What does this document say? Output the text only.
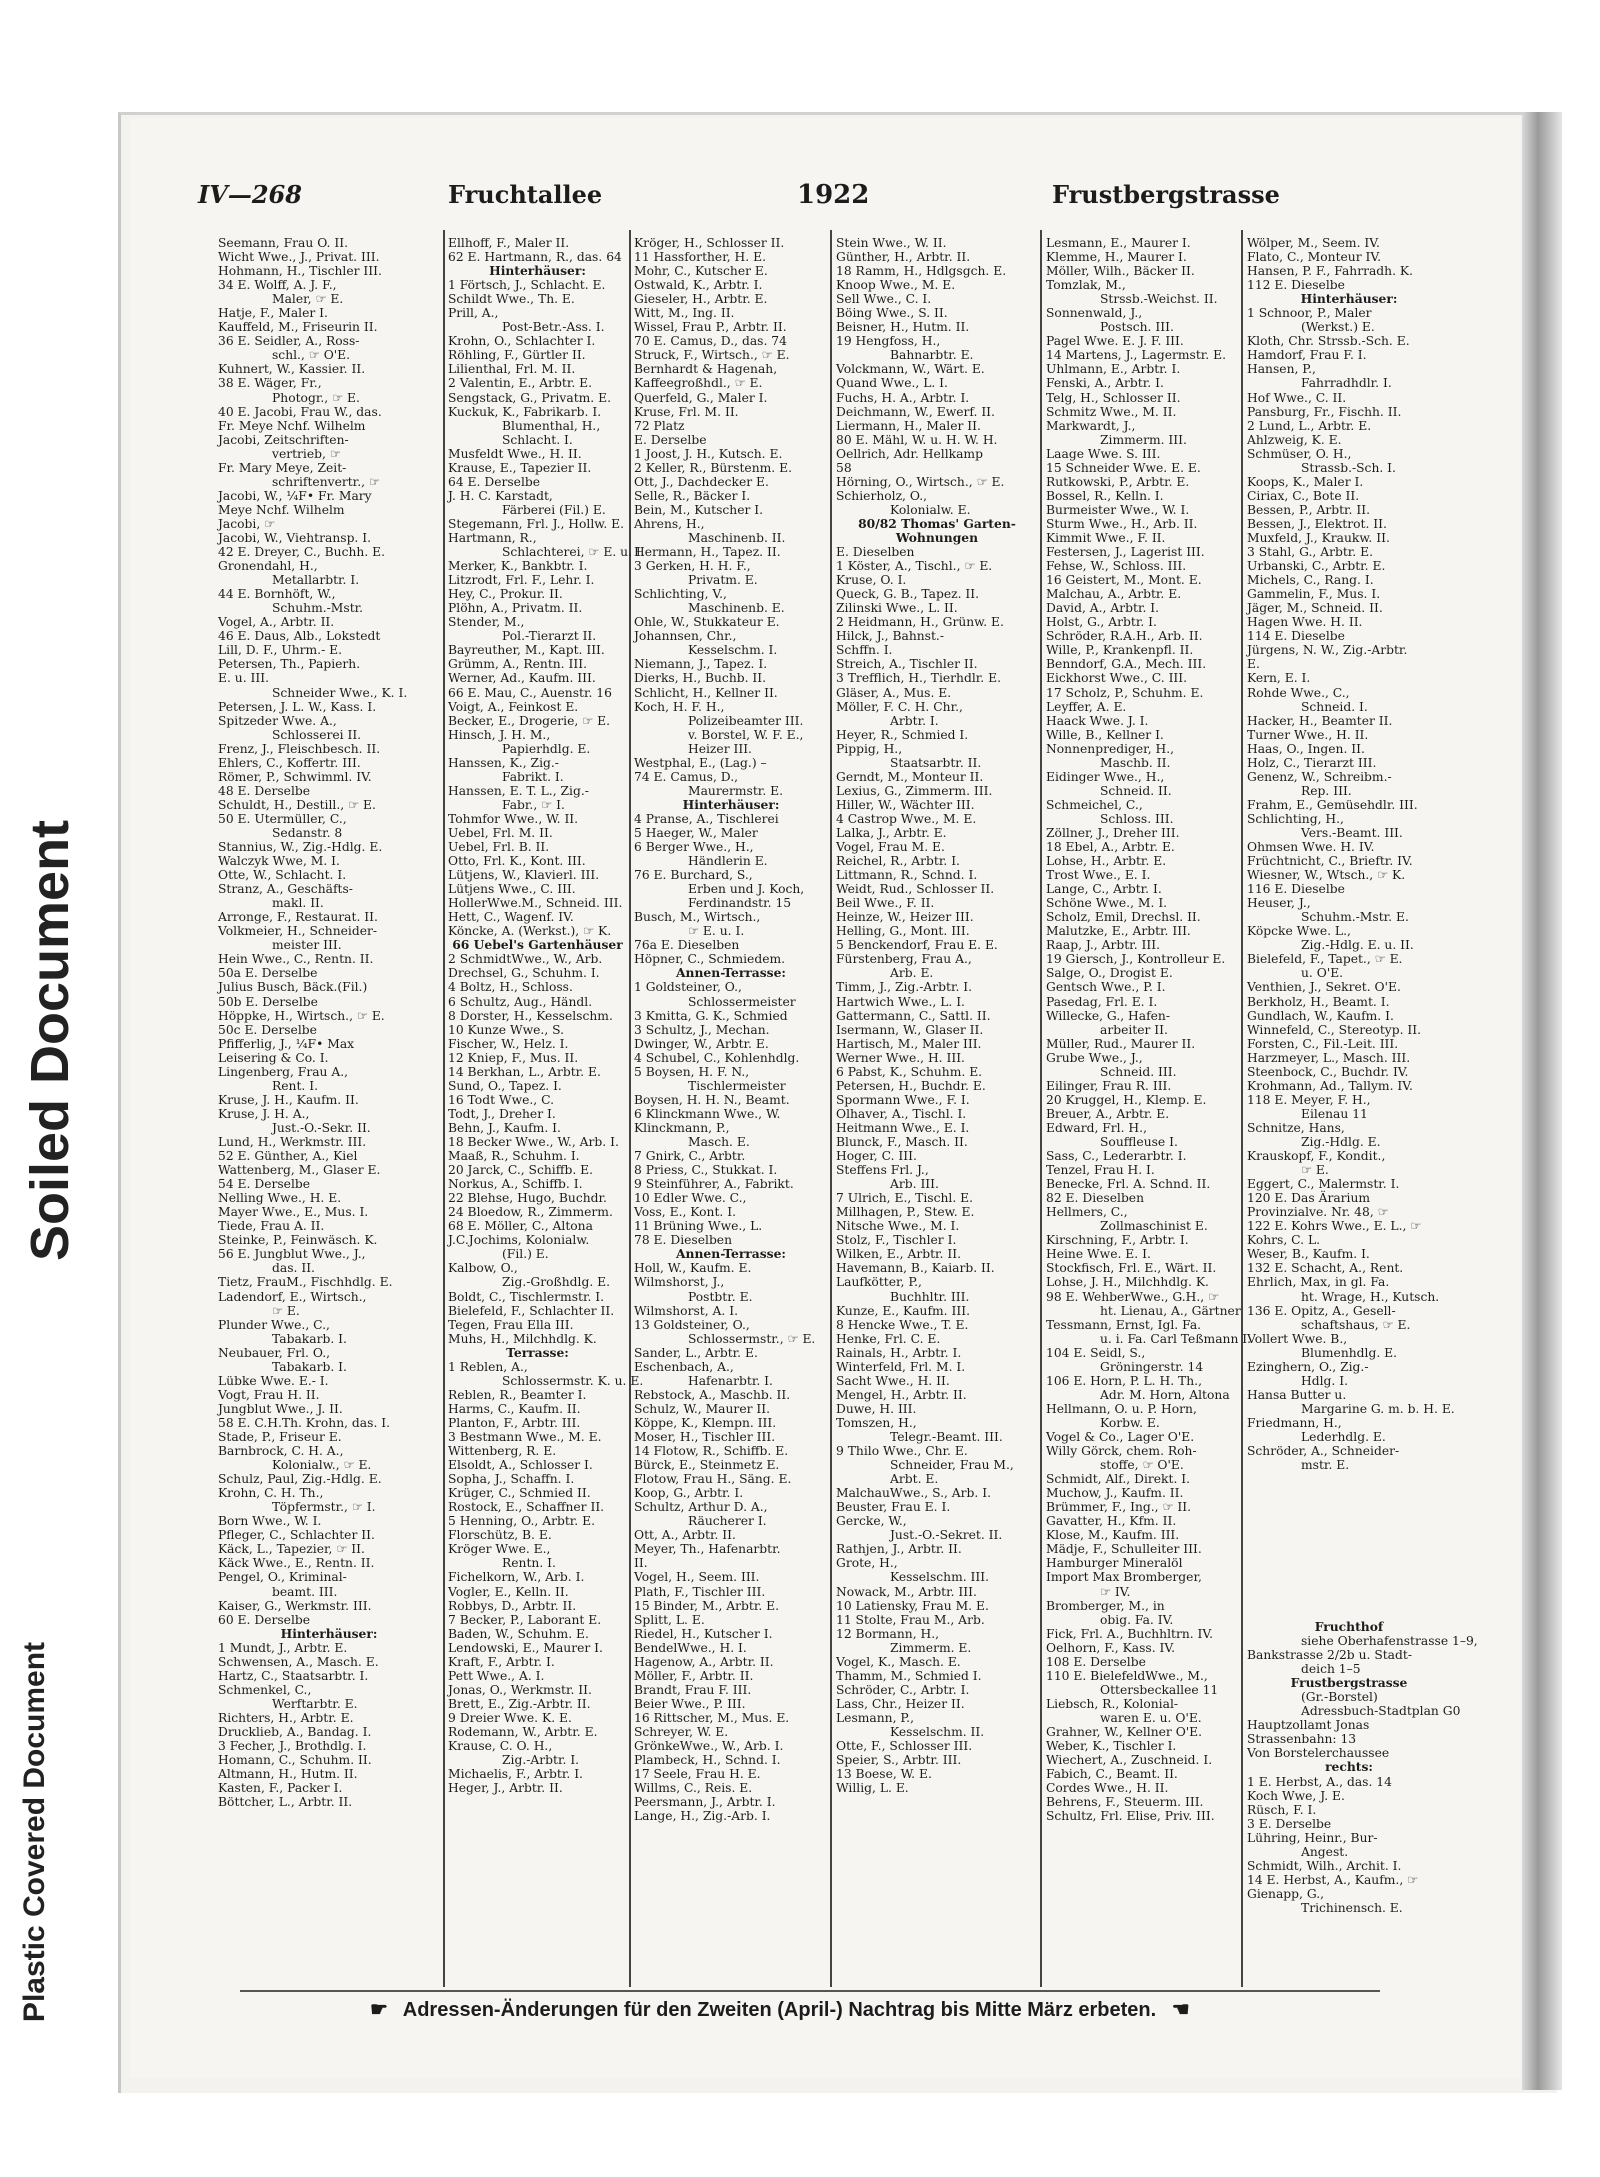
Soiled Document
Plastic Covered Document
IV—268	Fruchtallee	1922	Frustbergstrasse
Seemann, Frau O. II.
Wicht Wwe., J., Privat. III.
Hohmann, H., Tischler III.
34 E. Wolff, A. J. F.,
Maler, ☞ E.
Hatje, F., Maler I.
Kauffeld, M., Friseurin II.
36 E. Seidler, A., Ross-
schl., ☞ O'E.
Kuhnert, W., Kassier. II.
38 E. Wäger, Fr.,
Photogr., ☞ E.
40 E. Jacobi, Frau W., das.
Fr. Meye Nchf. Wilhelm
Jacobi, Zeitschriften-
vertrieb, ☞
Fr. Mary Meye, Zeit-
schriftenvertr., ☞
Jacobi, W., ¼F• Fr. Mary
Meye Nchf. Wilhelm
Jacobi, ☞
Jacobi, W., Viehtransp. I.
42 E. Dreyer, C., Buchh. E.
Gronendahl, H.,
Metallarbtr. I.
44 E. Bornhöft, W.,
Schuhm.-Mstr.
Vogel, A., Arbtr. II.
46 E. Daus, Alb., Lokstedt
Lill, D. F., Uhrm.- E.
Petersen, Th., Papierh.
E. u. III.
Schneider Wwe., K. I.
Petersen, J. L. W., Kass. I.
Spitzeder Wwe. A.,
Schlosserei II.
Frenz, J., Fleischbesch. II.
Ehlers, C., Koffertr. III.
Römer, P., Schwimml. IV.
48 E. Derselbe
Schuldt, H., Destill., ☞ E.
50 E. Utermüller, C.,
Sedanstr. 8
Stannius, W., Zig.-Hdlg. E.
Walczyk Wwe, M. I.
Otte, W., Schlacht. I.
Stranz, A., Geschäfts-
makl. II.
Arronge, F., Restaurat. II.
Volkmeier, H., Schneider-
meister III.
Hein Wwe., C., Rentn. II.
50a E. Derselbe
Julius Busch, Bäck.(Fil.)
50b E. Derselbe
Höppke, H., Wirtsch., ☞ E.
50c E. Derselbe
Pfifferlig, J., ¼F• Max
Leisering & Co. I.
Lingenberg, Frau A.,
Rent. I.
Kruse, J. H., Kaufm. II.
Kruse, J. H. A.,
Just.-O.-Sekr. II.
Lund, H., Werkmstr. III.
52 E. Günther, A., Kiel
Wattenberg, M., Glaser E.
54 E. Derselbe
Nelling Wwe., H. E.
Mayer Wwe., E., Mus. I.
Tiede, Frau A. II.
Steinke, P., Feinwäsch. K.
56 E. Jungblut Wwe., J.,
das. II.
Tietz, FrauM., Fischhdlg. E.
Ladendorf, E., Wirtsch.,
☞ E.
Plunder Wwe., C.,
Tabakarb. I.
Neubauer, Frl. O.,
Tabakarb. I.
Lübke Wwe. E.- I.
Vogt, Frau H. II.
Jungblut Wwe., J. II.
58 E. C.H.Th. Krohn, das. I.
Stade, P., Friseur E.
Barnbrock, C. H. A.,
Kolonialw., ☞ E.
Schulz, Paul, Zig.-Hdlg. E.
Krohn, C. H. Th.,
Töpfermstr., ☞ I.
Born Wwe., W. I.
Pfleger, C., Schlachter II.
Käck, L., Tapezier, ☞ II.
Käck Wwe., E., Rentn. II.
Pengel, O., Kriminal-
beamt. III.
Kaiser, G., Werkmstr. III.
60 E. Derselbe
Hinterhäuser:
1 Mundt, J., Arbtr. E.
Schwensen, A., Masch. E.
Hartz, C., Staatsarbtr. I.
Schmenkel, C.,
Werftarbtr. E.
Richters, H., Arbtr. E.
Drucklieb, A., Bandag. I.
3 Fecher, J., Brothdlg. I.
Homann, C., Schuhm. II.
Altmann, H., Hutm. II.
Kasten, F., Packer I.
Böttcher, L., Arbtr. II.
Ellhoff, F., Maler II.
62 E. Hartmann, R., das. 64
Hinterhäuser:
1 Förtsch, J., Schlacht. E.
Schildt Wwe., Th. E.
Prill, A.,
Post-Betr.-Ass. I.
Krohn, O., Schlachter I.
Röhling, F., Gürtler II.
Lilienthal, Frl. M. II.
2 Valentin, E., Arbtr. E.
Sengstack, G., Privatm. E.
Kuckuk, K., Fabrikarb. I.
Blumenthal, H.,
Schlacht. I.
Musfeldt Wwe., H. II.
Krause, E., Tapezier II.
64 E. Derselbe
J. H. C. Karstadt,
Färberei (Fil.) E.
Stegemann, Frl. J., Hollw. E.
Hartmann, R.,
Schlachterei, ☞ E. u. I.
Merker, K., Bankbtr. I.
Litzrodt, Frl. F., Lehr. I.
Hey, C., Prokur. II.
Plöhn, A., Privatm. II.
Stender, M.,
Pol.-Tierarzt II.
Bayreuther, M., Kapt. III.
Grümm, A., Rentn. III.
Werner, Ad., Kaufm. III.
66 E. Mau, C., Auenstr. 16
Voigt, A., Feinkost E.
Becker, E., Drogerie, ☞ E.
Hinsch, J. H. M.,
Papierhdlg. E.
Hanssen, K., Zig.-
Fabrikt. I.
Hanssen, E. T. L., Zig.-
Fabr., ☞ I.
Tohmfor Wwe., W. II.
Uebel, Frl. M. II.
Uebel, Frl. B. II.
Otto, Frl. K., Kont. III.
Lütjens, W., Klavierl. III.
Lütjens Wwe., C. III.
HollerWwe.M., Schneid. III.
Hett, C., Wagenf. IV.
Köncke, A. (Werkst.), ☞ K.
66 Uebel's Gartenhäuser
2 SchmidtWwe., W., Arb.
Drechsel, G., Schuhm. I.
4 Boltz, H., Schloss.
6 Schultz, Aug., Händl.
8 Dorster, H., Kesselschm.
10 Kunze Wwe., S.
Fischer, W., Helz. I.
12 Kniep, F., Mus. II.
14 Berkhan, L., Arbtr. E.
Sund, O., Tapez. I.
16 Todt Wwe., C.
Todt, J., Dreher I.
Behn, J., Kaufm. I.
18 Becker Wwe., W., Arb. I.
Maaß, R., Schuhm. I.
20 Jarck, C., Schiffb. E.
Norkus, A., Schiffb. I.
22 Blehse, Hugo, Buchdr.
24 Bloedow, R., Zimmerm.
68 E. Möller, C., Altona
J.C.Jochims, Kolonialw.
(Fil.) E.
Kalbow, O.,
Zig.-Großhdlg. E.
Boldt, C., Tischlermstr. I.
Bielefeld, F., Schlachter II.
Tegen, Frau Ella III.
Muhs, H., Milchhdlg. K.
Terrasse:
1 Reblen, A.,
Schlossermstr. K. u. E.
Reblen, R., Beamter I.
Harms, C., Kaufm. II.
Planton, F., Arbtr. III.
3 Bestmann Wwe., M. E.
Wittenberg, R. E.
Elsoldt, A., Schlosser I.
Sopha, J., Schaffn. I.
Krüger, C., Schmied II.
Rostock, E., Schaffner II.
5 Henning, O., Arbtr. E.
Florschütz, B. E.
Kröger Wwe. E.,
Rentn. I.
Fichelkorn, W., Arb. I.
Vogler, E., Kelln. II.
Robbys, D., Arbtr. II.
7 Becker, P., Laborant E.
Baden, W., Schuhm. E.
Lendowski, E., Maurer I.
Kraft, F., Arbtr. I.
Pett Wwe., A. I.
Jonas, O., Werkmstr. II.
Brett, E., Zig.-Arbtr. II.
9 Dreier Wwe. K. E.
Rodemann, W., Arbtr. E.
Krause, C. O. H.,
Zig.-Arbtr. I.
Michaelis, F., Arbtr. I.
Heger, J., Arbtr. II.
Kröger, H., Schlosser II.
11 Hassforther, H. E.
Mohr, C., Kutscher E.
Ostwald, K., Arbtr. I.
Gieseler, H., Arbtr. E.
Witt, M., Ing. II.
Wissel, Frau P., Arbtr. II.
70 E. Camus, D., das. 74
Struck, F., Wirtsch., ☞ E.
Bernhardt & Hagenah,
Kaffeegroßhdl., ☞ E.
Querfeld, G., Maler I.
Kruse, Frl. M. II.
72 Platz
E. Derselbe
1 Joost, J. H., Kutsch. E.
2 Keller, R., Bürstenm. E.
Ott, J., Dachdecker E.
Selle, R., Bäcker I.
Bein, M., Kutscher I.
Ahrens, H.,
Maschinenb. II.
Hermann, H., Tapez. II.
3 Gerken, H. H. F.,
Privatm. E.
Schlichting, V.,
Maschinenb. E.
Ohle, W., Stukkateur E.
Johannsen, Chr.,
Kesselschm. I.
Niemann, J., Tapez. I.
Dierks, H., Buchb. II.
Schlicht, H., Kellner II.
Koch, H. F. H.,
Polizeibeamter III.
v. Borstel, W. F. E.,
Heizer III.
Westphal, E., (Lag.) –
74 E. Camus, D.,
Maurermstr. E.
Hinterhäuser:
4 Pranse, A., Tischlerei
5 Haeger, W., Maler
6 Berger Wwe., H.,
Händlerin E.
76 E. Burchard, S.,
Erben und J. Koch,
Ferdinandstr. 15
Busch, M., Wirtsch.,
☞ E. u. I.
76a E. Dieselben
Höpner, C., Schmiedem.
Annen-Terrasse:
1 Goldsteiner, O.,
Schlossermeister
3 Kmitta, G. K., Schmied
3 Schultz, J., Mechan.
Dwinger, W., Arbtr. E.
4 Schubel, C., Kohlenhdlg.
5 Boysen, H. F. N.,
Tischlermeister
Boysen, H. H. N., Beamt.
6 Klinckmann Wwe., W.
Klinckmann, P.,
Masch. E.
7 Gnirk, C., Arbtr.
8 Priess, C., Stukkat. I.
9 Steinführer, A., Fabrikt.
10 Edler Wwe. C.,
Voss, E., Kont. I.
11 Brüning Wwe., L.
78 E. Dieselben
Annen-Terrasse:
Holl, W., Kaufm. E.
Wilmshorst, J.,
Postbtr. E.
Wilmshorst, A. I.
13 Goldsteiner, O.,
Schlossermstr., ☞ E.
Sander, L., Arbtr. E.
Eschenbach, A.,
Hafenarbtr. I.
Rebstock, A., Maschb. II.
Schulz, W., Maurer II.
Köppe, K., Klempn. III.
Moser, H., Tischler III.
14 Flotow, R., Schiffb. E.
Bürck, E., Steinmetz E.
Flotow, Frau H., Säng. E.
Koop, G., Arbtr. I.
Schultz, Arthur D. A.,
Räucherer I.
Ott, A., Arbtr. II.
Meyer, Th., Hafenarbtr.
II.
Vogel, H., Seem. III.
Plath, F., Tischler III.
15 Binder, M., Arbtr. E.
Splitt, L. E.
Riedel, H., Kutscher I.
BendelWwe., H. I.
Hagenow, A., Arbtr. II.
Möller, F., Arbtr. II.
Brandt, Frau F. III.
Beier Wwe., P. III.
16 Rittscher, M., Mus. E.
Schreyer, W. E.
GrönkeWwe., W., Arb. I.
Plambeck, H., Schnd. I.
17 Seele, Frau H. E.
Willms, C., Reis. E.
Peersmann, J., Arbtr. I.
Lange, H., Zig.-Arb. I.
Stein Wwe., W. II.
Günther, H., Arbtr. II.
18 Ramm, H., Hdlgsgch. E.
Knoop Wwe., M. E.
Sell Wwe., C. I.
Böing Wwe., S. II.
Beisner, H., Hutm. II.
19 Hengfoss, H.,
Bahnarbtr. E.
Volckmann, W., Wärt. E.
Quand Wwe., L. I.
Fuchs, H. A., Arbtr. I.
Deichmann, W., Ewerf. II.
Liermann, H., Maler II.
80 E. Mähl, W. u. H. W. H.
Oellrich, Adr. Hellkamp
58
Hörning, O., Wirtsch., ☞ E.
Schierholz, O.,
Kolonialw. E.
80/82 Thomas' Garten-
Wohnungen
E. Dieselben
1 Köster, A., Tischl., ☞ E.
Kruse, O. I.
Queck, G. B., Tapez. II.
Zilinski Wwe., L. II.
2 Heidmann, H., Grünw. E.
Hilck, J., Bahnst.-
Schffn. I.
Streich, A., Tischler II.
3 Trefflich, H., Tierhdlr. E.
Gläser, A., Mus. E.
Möller, F. C. H. Chr.,
Arbtr. I.
Heyer, R., Schmied I.
Pippig, H.,
Staatsarbtr. II.
Gerndt, M., Monteur II.
Lexius, G., Zimmerm. III.
Hiller, W., Wächter III.
4 Castrop Wwe., M. E.
Lalka, J., Arbtr. E.
Vogel, Frau M. E.
Reichel, R., Arbtr. I.
Littmann, R., Schnd. I.
Weidt, Rud., Schlosser II.
Beil Wwe., F. II.
Heinze, W., Heizer III.
Helling, G., Mont. III.
5 Benckendorf, Frau E. E.
Fürstenberg, Frau A.,
Arb. E.
Timm, J., Zig.-Arbtr. I.
Hartwich Wwe., L. I.
Gattermann, C., Sattl. II.
Isermann, W., Glaser II.
Hartisch, M., Maler III.
Werner Wwe., H. III.
6 Pabst, K., Schuhm. E.
Petersen, H., Buchdr. E.
Spormann Wwe., F. I.
Olhaver, A., Tischl. I.
Heitmann Wwe., E. I.
Blunck, F., Masch. II.
Hoger, C. III.
Steffens Frl. J.,
Arb. III.
7 Ulrich, E., Tischl. E.
Millhagen, P., Stew. E.
Nitsche Wwe., M. I.
Stolz, F., Tischler I.
Wilken, E., Arbtr. II.
Havemann, B., Kaiarb. II.
Laufkötter, P.,
Buchhltr. III.
Kunze, E., Kaufm. III.
8 Hencke Wwe., T. E.
Henke, Frl. C. E.
Rainals, H., Arbtr. I.
Winterfeld, Frl. M. I.
Sacht Wwe., H. II.
Mengel, H., Arbtr. II.
Duwe, H. III.
Tomszen, H.,
Telegr.-Beamt. III.
9 Thilo Wwe., Chr. E.
Schneider, Frau M.,
Arbt. E.
MalchauWwe., S., Arb. I.
Beuster, Frau E. I.
Gercke, W.,
Just.-O.-Sekret. II.
Rathjen, J., Arbtr. II.
Grote, H.,
Kesselschm. III.
Nowack, M., Arbtr. III.
10 Latiensky, Frau M. E.
11 Stolte, Frau M., Arb.
12 Bormann, H.,
Zimmerm. E.
Vogel, K., Masch. E.
Thamm, M., Schmied I.
Schröder, C., Arbtr. I.
Lass, Chr., Heizer II.
Lesmann, P.,
Kesselschm. II.
Otte, F., Schlosser III.
Speier, S., Arbtr. III.
13 Boese, W. E.
Willig, L. E.
Lesmann, E., Maurer I.
Klemme, H., Maurer I.
Möller, Wilh., Bäcker II.
Tomzlak, M.,
Strssb.-Weichst. II.
Sonnenwald, J.,
Postsch. III.
Pagel Wwe. E. J. F. III.
14 Martens, J., Lagermstr. E.
Uhlmann, E., Arbtr. I.
Fenski, A., Arbtr. I.
Telg, H., Schlosser II.
Schmitz Wwe., M. II.
Markwardt, J.,
Zimmerm. III.
Laage Wwe. S. III.
15 Schneider Wwe. E. E.
Rutkowski, P., Arbtr. E.
Bossel, R., Kelln. I.
Burmeister Wwe., W. I.
Sturm Wwe., H., Arb. II.
Kimmit Wwe., F. II.
Festersen, J., Lagerist III.
Fehse, W., Schloss. III.
16 Geistert, M., Mont. E.
Malchau, A., Arbtr. E.
David, A., Arbtr. I.
Holst, G., Arbtr. I.
Schröder, R.A.H., Arb. II.
Wille, P., Krankenpfl. II.
Benndorf, G.A., Mech. III.
Eickhorst Wwe., C. III.
17 Scholz, P., Schuhm. E.
Leyffer, A. E.
Haack Wwe. J. I.
Wille, B., Kellner I.
Nonnenprediger, H.,
Maschb. II.
Eidinger Wwe., H.,
Schneid. II.
Schmeichel, C.,
Schloss. III.
Zöllner, J., Dreher III.
18 Ebel, A., Arbtr. E.
Lohse, H., Arbtr. E.
Trost Wwe., E. I.
Lange, C., Arbtr. I.
Schöne Wwe., M. I.
Scholz, Emil, Drechsl. II.
Malutzke, E., Arbtr. III.
Raap, J., Arbtr. III.
19 Giersch, J., Kontrolleur E.
Salge, O., Drogist E.
Gentsch Wwe., P. I.
Pasedag, Frl. E. I.
Willecke, G., Hafen-
arbeiter II.
Müller, Rud., Maurer II.
Grube Wwe., J.,
Schneid. III.
Eilinger, Frau R. III.
20 Kruggel, H., Klemp. E.
Breuer, A., Arbtr. E.
Edward, Frl. H.,
Souffleuse I.
Sass, C., Lederarbtr. I.
Tenzel, Frau H. I.
Benecke, Frl. A. Schnd. II.
82 E. Dieselben
Hellmers, C.,
Zollmaschinist E.
Kirschning, F., Arbtr. I.
Heine Wwe. E. I.
Stockfisch, Frl. E., Wärt. II.
Lohse, J. H., Milchhdlg. K.
98 E. WehberWwe., G.H., ☞
ht. Lienau, A., Gärtner
Tessmann, Ernst, Igl. Fa.
u. i. Fa. Carl Teßmann I.
104 E. Seidl, S.,
Gröningerstr. 14
106 E. Horn, P. L. H. Th.,
Adr. M. Horn, Altona
Hellmann, O. u. P. Horn,
Korbw. E.
Vogel & Co., Lager O'E.
Willy Görck, chem. Roh-
stoffe, ☞ O'E.
Schmidt, Alf., Direkt. I.
Muchow, J., Kaufm. II.
Brümmer, F., Ing., ☞ II.
Gavatter, H., Kfm. II.
Klose, M., Kaufm. III.
Mädje, F., Schulleiter III.
Hamburger Mineralöl
Import Max Bromberger,
☞ IV.
Bromberger, M., in
obig. Fa. IV.
Fick, Frl. A., Buchhltrn. IV.
Oelhorn, F., Kass. IV.
108 E. Derselbe
110 E. BielefeldWwe., M.,
Ottersbeckallee 11
Liebsch, R., Kolonial-
waren E. u. O'E.
Grahner, W., Kellner O'E.
Weber, K., Tischler I.
Wiechert, A., Zuschneid. I.
Fabich, C., Beamt. II.
Cordes Wwe., H. II.
Behrens, F., Steuerm. III.
Schultz, Frl. Elise, Priv. III.
Wölper, M., Seem. IV.
Flato, C., Monteur IV.
Hansen, P. F., Fahrradh. K.
112 E. Dieselbe
Hinterhäuser:
1 Schnoor, P., Maler
(Werkst.) E.
Kloth, Chr. Strssb.-Sch. E.
Hamdorf, Frau F. I.
Hansen, P.,
Fahrradhdlr. I.
Hof Wwe., C. II.
Pansburg, Fr., Fischh. II.
2 Lund, L., Arbtr. E.
Ahlzweig, K. E.
Schmüser, O. H.,
Strassb.-Sch. I.
Koops, K., Maler I.
Ciriax, C., Bote II.
Bessen, P., Arbtr. II.
Bessen, J., Elektrot. II.
Muxfeld, J., Kraukw. II.
3 Stahl, G., Arbtr. E.
Urbanski, C., Arbtr. E.
Michels, C., Rang. I.
Gammelin, F., Mus. I.
Jäger, M., Schneid. II.
Hagen Wwe. H. II.
114 E. Dieselbe
Jürgens, N. W., Zig.-Arbtr.
E.
Kern, E. I.
Rohde Wwe., C.,
Schneid. I.
Hacker, H., Beamter II.
Turner Wwe., H. II.
Haas, O., Ingen. II.
Holz, C., Tierarzt III.
Genenz, W., Schreibm.-
Rep. III.
Frahm, E., Gemüsehdlr. III.
Schlichting, H.,
Vers.-Beamt. III.
Ohmsen Wwe. H. IV.
Früchtnicht, C., Brieftr. IV.
Wiesner, W., Wtsch., ☞ K.
116 E. Dieselbe
Heuser, J.,
Schuhm.-Mstr. E.
Köpcke Wwe. L.,
Zig.-Hdlg. E. u. II.
Bielefeld, F., Tapet., ☞ E.
u. O'E.
Venthien, J., Sekret. O'E.
Berkholz, H., Beamt. I.
Gundlach, W., Kaufm. I.
Winnefeld, C., Stereotyp. II.
Forsten, C., Fil.-Leit. III.
Harzmeyer, L., Masch. III.
Steenbock, C., Buchdr. IV.
Krohmann, Ad., Tallym. IV.
118 E. Meyer, F. H.,
Eilenau 11
Schnitze, Hans,
Zig.-Hdlg. E.
Krauskopf, F., Kondit.,
☞ E.
Eggert, C., Malermstr. I.
120 E. Das Ärarium
Provinzialve. Nr. 48, ☞
122 E. Kohrs Wwe., E. L., ☞
Kohrs, C. L.
Weser, B., Kaufm. I.
132 E. Schacht, A., Rent.
Ehrlich, Max, in gl. Fa.
ht. Wrage, H., Kutsch.
136 E. Opitz, A., Gesell-
schaftshaus, ☞ E.
Vollert Wwe. B.,
Blumenhdlg. E.
Ezinghern, O., Zig.-
Hdlg. I.
Hansa Butter u.
Margarine G. m. b. H. E.
Friedmann, H.,
Lederhdlg. E.
Schröder, A., Schneider-
mstr. E.
Fruchthof
siehe Oberhafenstrasse 1–9,
Bankstrasse 2/2b u. Stadt-
deich 1–5
Frustbergstrasse
(Gr.-Borstel)
Adressbuch-Stadtplan G0
Hauptzollamt Jonas
Strassenbahn: 13
Von Borstelerchaussee
rechts:
1 E. Herbst, A., das. 14
Koch Wwe, J. E.
Rüsch, F. I.
3 E. Derselbe
Lühring, Heinr., Bur-
Angest.
Schmidt, Wilh., Archit. I.
14 E. Herbst, A., Kaufm., ☞
Gienapp, G.,
Trichinensch. E.
☛ Adressen-Änderungen für den Zweiten (April-) Nachtrag bis Mitte März erbeten. ☚
